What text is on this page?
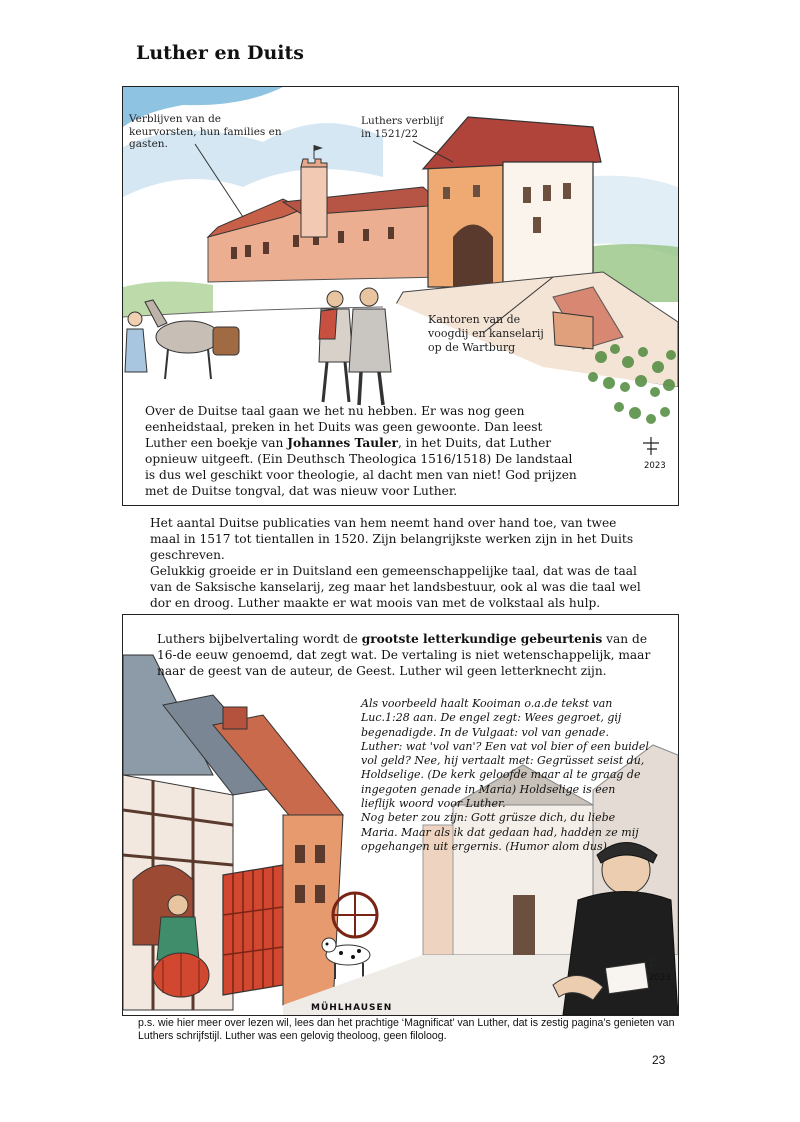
Luther en Duits
Verblijven van de keurvorsten, hun families en gasten.
Luthers verblijf
in 1521/22
Kantoren van de voogdij en kanselarij op de Wartburg

Over de Duitse taal gaan we het nu hebben. Er was nog geen eenheidstaal, preken in het Duits was geen gewoonte. Dan leest Luther een boekje van Johannes Tauler, in het Duits, dat Luther opnieuw uitgeeft. (Ein Deuthsch Theologica 1516/1518) De landstaal is dus wel geschikt voor theologie, al dacht men van niet! God prijzen met de Duitse tongval, dat was nieuw voor Luther.

2023

Het aantal Duitse publicaties van hem neemt hand over hand toe, van twee maal in 1517 tot tientallen in 1520. Zijn belangrijkste werken zijn in het Duits geschreven.

Gelukkig groeide er in Duitsland een gemeenschappelijke taal, dat was de taal van de Saksische kanselarij, zeg maar het landsbestuur, ook al was die taal wel dor en droog. Luther maakte er wat moois van met de volkstaal als hulp.

Luthers bijbelvertaling wordt de grootste letterkundige gebeurtenis van de 16-de eeuw genoemd, dat zegt wat. De vertaling is niet wetenschappelijk, maar naar de geest van de auteur, de Geest. Luther wil geen letterknecht zijn.

Als voorbeeld haalt Kooiman o.a.de tekst van Luc.1:28 aan. De engel zegt: Wees gegroet, gij begenadigde. In de Vulgaat: vol van genade. Luther: wat 'vol van'? Een vat vol bier of een buidel vol geld? Nee, hij vertaalt met: Gegrüsset seist du, Holdselige. (De kerk geloofde maar al te graag de ingegoten genade in Maria) Holdselige is een lieflijk woord voor Luther.

Nog beter zou zijn: Gott grüsze dich, du liebe Maria. Maar als ik dat gedaan had, hadden ze mij opgehangen uit ergernis. (Humor alom dus)

MÜHLHAUSEN
2023

p.s. wie hier meer over lezen wil, lees dan het prachtige ‘Magnificat’ van Luther, dat is zestig pagina’s genieten van Luthers schrijfstijl. Luther was een gelovig theoloog, geen filoloog.

23
